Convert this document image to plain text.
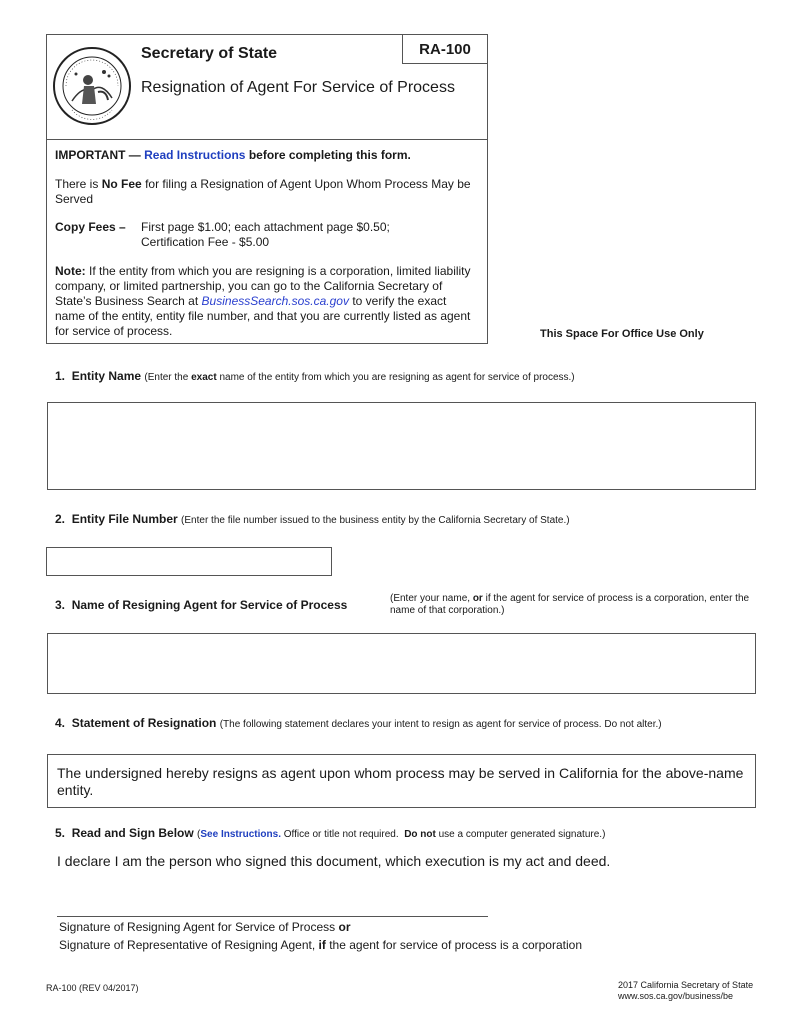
RA-100
Secretary of State
Resignation of Agent For Service of Process
IMPORTANT — Read Instructions before completing this form.
There is No Fee for filing a Resignation of Agent Upon Whom Process May be Served
Copy Fees – First page $1.00; each attachment page $0.50;
Certification Fee - $5.00
Note: If the entity from which you are resigning is a corporation, limited liability company, or limited partnership, you can go to the California Secretary of State’s Business Search at BusinessSearch.sos.ca.gov to verify the exact name of the entity, entity file number, and that you are currently listed as agent for service of process.	This Space For Office Use Only
1. Entity Name (Enter the exact name of the entity from which you are resigning as agent for service of process.)
2. Entity File Number (Enter the file number issued to the business entity by the California Secretary of State.)
3. Name of Resigning Agent for Service of Process	(Enter your name, or if the agent for service of process is a corporation, enter the name of that corporation.)
4. Statement of Resignation (The following statement declares your intent to resign as agent for service of process. Do not alter.)
The undersigned hereby resigns as agent upon whom process may be served in California for the above-name entity.
5. Read and Sign Below (See Instructions. Office or title not required. Do not use a computer generated signature.)
I declare I am the person who signed this document, which execution is my act and deed.
Signature of Resigning Agent for Service of Process or
Signature of Representative of Resigning Agent, if the agent for service of process is a corporation
RA-100 (REV 04/2017)	2017 California Secretary of State
www.sos.ca.gov/business/be
